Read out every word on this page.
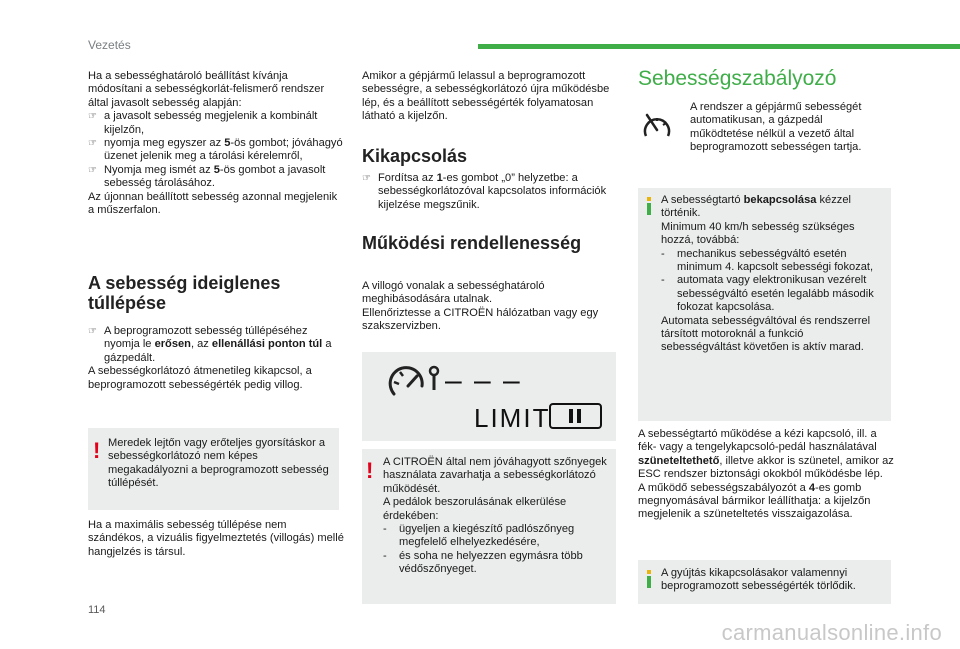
Vezetés

Ha a sebességhatároló beállítást kívánja módosítani a sebességkorlát-felismerő rendszer által javasolt sebesség alapján:

☞ a javasolt sebesség megjelenik a kombinált kijelzőn,

☞ nyomja meg egyszer az 5-ös gombot; jóváhagyó üzenet jelenik meg a tárolási kérelemről,

☞ Nyomja meg ismét az 5-ös gombot a javasolt sebesség tárolásához.

Az újonnan beállított sebesség azonnal megjelenik a műszerfalon.

A sebesség ideiglenes túllépése

☞ A beprogramozott sebesség túllépéséhez nyomja le erősen, az ellenállási ponton túl a gázpedált.

A sebességkorlátozó átmenetileg kikapcsol, a beprogramozott sebességérték pedig villog.

! Meredek lejtőn vagy erőteljes gyorsításkor a sebességkorlátozó nem képes megakadályozni a beprogramozott sebesség túllépését.
Ha a maximális sebesség túllépése nem szándékos, a vizuális figyelmeztetés (villogás) mellé hangjelzés is társul.
Amikor a gépjármű lelassul a beprogramozott sebességre, a sebességkorlátozó újra működésbe lép, és a beállított sebességérték folyamatosan látható a kijelzőn.
Kikapcsolás

☞ Fordítsa az 1-es gombot „0” helyzetbe: a sebességkorlátozóval kapcsolatos információk kijelzése megszűnik.

Működési rendellenesség

A villogó vonalak a sebességhatároló meghibásodására utalnak.

Ellenőriztesse a CITROËN hálózatban vagy egy szakszervizben.

– – –
LIMIT
! A CITROËN által nem jóváhagyott szőnyegek használata zavarhatja a sebességkorlátozó működését.

A pedálok beszorulásának elkerülése érdekében:

- ügyeljen a kiegészítő padlószőnyeg megfelelő elhelyezkedésére,

- és soha ne helyezzen egymásra több védőszőnyeget.

Sebességszabályozó
A rendszer a gépjármű sebességét automatikusan, a gázpedál működtetése nélkül a vezető által beprogramozott sebességen tartja.

A sebességtartó bekapcsolása kézzel történik.

Minimum 40 km/h sebesség szükséges hozzá, továbbá:

- mechanikus sebességváltó esetén minimum 4. kapcsolt sebességi fokozat,

- automata vagy elektronikusan vezérelt sebességváltó esetén legalább második fokozat kapcsolása.

Automata sebességváltóval és rendszerrel társított motoroknál a funkció sebességváltást követően is aktív marad.

A sebességtartó működése a kézi kapcsoló, ill. a fék- vagy a tengelykapcsoló-pedál használatával szüneteltethető, illetve akkor is szünetel, amikor az ESC rendszer biztonsági okokból működésbe lép.

A működő sebességszabályozót a 4-es gomb megnyomásával bármikor leállíthatja: a kijelzőn megjelenik a szüneteltetés visszaigazolása.

A gyújtás kikapcsolásakor valamennyi beprogramozott sebességérték törlődik.
114
carmanualsonline.info
